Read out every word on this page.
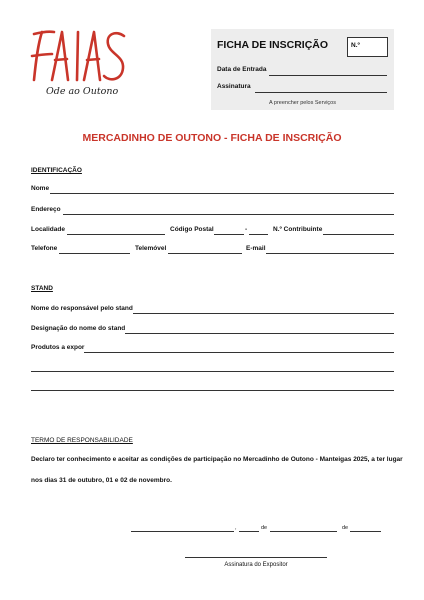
Ode ao Outono
FICHA DE INSCRIÇÃO	N.º
Data de Entrada
Assinatura
A preencher pelos Serviços
MERCADINHO DE OUTONO - FICHA DE INSCRIÇÃO
IDENTIFICAÇÃO
Nome
Endereço
Localidade	Código Postal	-	N.º Contribuinte
Telefone	Telemóvel	E-mail
STAND
Nome do responsável pelo stand
Designação do nome do stand
Produtos a expor
TERMO DE RESPONSABILIDADE
Declaro ter conhecimento e aceitar as condições de participação no Mercadinho de Outono - Manteigas 2025, a ter lugar
nos dias 31 de outubro, 01 e 02 de novembro.
,	de	de
Assinatura do Expositor
